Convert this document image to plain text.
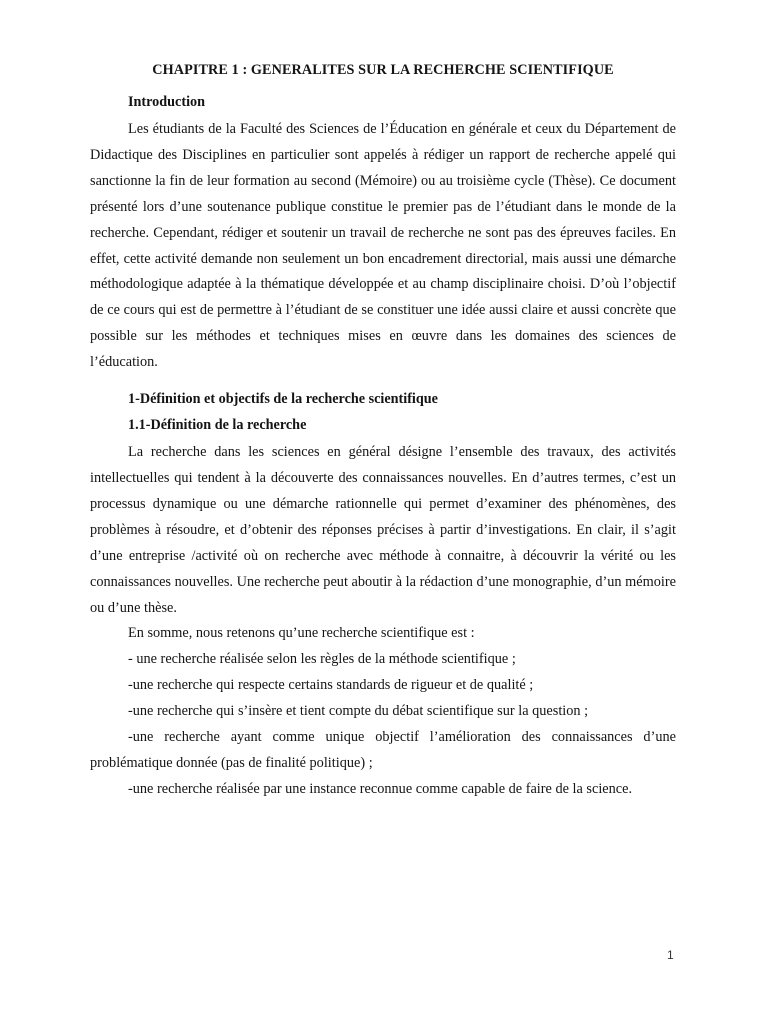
CHAPITRE 1 : GENERALITES SUR LA RECHERCHE SCIENTIFIQUE
Introduction

Les étudiants de la Faculté des Sciences de l’Éducation en générale et ceux du Département de Didactique des Disciplines en particulier sont appelés à rédiger un rapport de recherche appelé qui sanctionne la fin de leur formation au second (Mémoire) ou au troisième cycle (Thèse). Ce document présenté lors d’une soutenance publique constitue le premier pas de l’étudiant dans le monde de la recherche. Cependant, rédiger et soutenir un travail de recherche ne sont pas des épreuves faciles. En effet, cette activité demande non seulement un bon encadrement directorial, mais aussi une démarche méthodologique adaptée à la thématique développée et au champ disciplinaire choisi. D’où l’objectif de ce cours qui est de permettre à l’étudiant de se constituer une idée aussi claire et aussi concrète que possible sur les méthodes et techniques mises en œuvre dans les domaines des sciences de l’éducation.

1-Définition et objectifs de la recherche scientifique
1.1-Définition de la recherche

La recherche dans les sciences en général désigne l’ensemble des travaux, des activités intellectuelles qui tendent à la découverte des connaissances nouvelles. En d’autres termes, c’est un processus dynamique ou une démarche rationnelle qui permet d’examiner des phénomènes, des problèmes à résoudre, et d’obtenir des réponses précises à partir d’investigations. En clair, il s’agit d’une entreprise /activité où on recherche avec méthode à connaitre, à découvrir la vérité ou les connaissances nouvelles. Une recherche peut aboutir à la rédaction d’une monographie, d’un mémoire ou d’une thèse.

En somme, nous retenons qu’une recherche scientifique est :

- une recherche réalisée selon les règles de la méthode scientifique ;

-une recherche qui respecte certains standards de rigueur et de qualité ;

-une recherche qui s’insère et tient compte du débat scientifique sur la question ;

-une recherche ayant comme unique objectif l’amélioration des connaissances d’une problématique donnée (pas de finalité politique) ;

-une recherche réalisée par une instance reconnue comme capable de faire de la science.

1
